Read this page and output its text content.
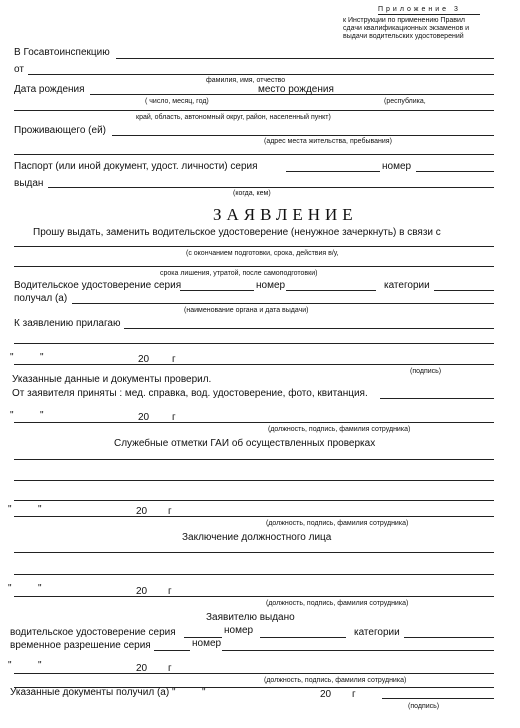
Приложение 3
к Инструкции по применению Правил
сдачи квалификационных экзаменов и
выдачи водительских удостоверений
В Госавтоинспекцию
от
фамилия, имя, отчество
Дата рождения	место рождения
( число, месяц, год)	(республика,
край, область, автономный округ, район, населенный пункт)
Проживающего (ей)
(адрес места жительства, пребывания)
Паспорт (или иной документ, удост. личности) серия	номер
выдан
(когда, кем)
ЗАЯВЛЕНИЕ
Прошу выдать, заменить водительское удостоверение (ненужное зачеркнуть) в связи с
(с окончанием подготовки, срока, действия в/у,
срока лишения, утратой, после самоподготовки)
Водительское удостоверение серия	номер	категории
получал (а)
(наименование органа и дата выдачи)
К заявлению прилагаю
"	"	20 г
(подпись)
Указанные данные и документы проверил.
От заявителя приняты : мед. справка, вод. удостоверение, фото, квитанция.
"	"	20 г
(должность, подпись, фамилия сотрудника)
Служебные отметки ГАИ об осуществленных проверках
"	"	20 г
(должность, подпись, фамилия сотрудника)
Заключение должностного лица
"	"	20 г
(должность, подпись, фамилия сотрудника)
Заявителю выдано
водительское удостоверение серия	номер	категории
временное разрешение серия	номер
"	"	20 г
(должность, подпись, фамилия сотрудника)
Указанные документы получил (а) "	"	20 г
(подпись)
